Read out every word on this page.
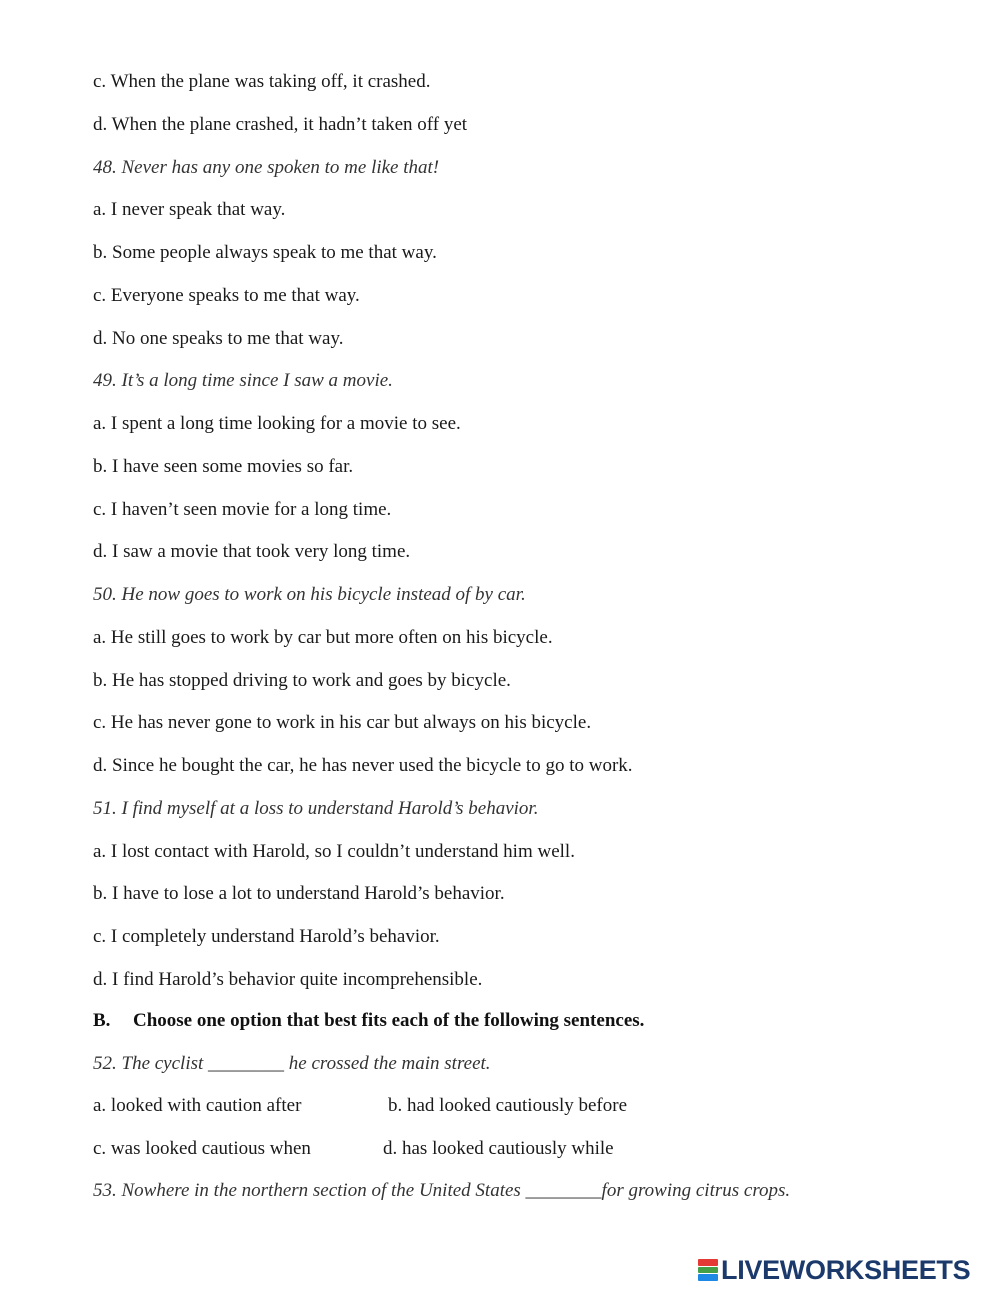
c. When the plane was taking off, it crashed.
d. When the plane crashed, it hadn’t taken off yet
48. Never has any one spoken to me like that!
a. I never speak that way.
b. Some people always speak to me that way.
c. Everyone speaks to me that way.
d. No one speaks to me that way.
49. It’s a long time since I saw a movie.
a. I spent a long time looking for a movie to see.
b. I have seen some movies so far.
c. I haven’t seen movie for a long time.
d. I saw a movie that took very long time.
50. He now goes to work on his bicycle instead of by car.
a. He still goes to work by car but more often on his bicycle.
b. He has stopped driving to work and goes by bicycle.
c. He has never gone to work in his car but always on his bicycle.
d. Since he bought the car, he has never used the bicycle to go to work.
51. I find myself at a loss to understand Harold’s behavior.
a. I lost contact with Harold, so I couldn’t understand him well.
b. I have to lose a lot to understand Harold’s behavior.
c. I completely understand Harold’s behavior.
d. I find Harold’s behavior quite incomprehensible.
B. Choose one option that best fits each of the following sentences.
52. The cyclist ________ he crossed the main street.
a. looked with caution after	b. had looked cautiously before
c. was looked cautious when	d. has looked cautiously while
53. Nowhere in the northern section of the United States ________for growing citrus crops.
LIVEWORKSHEETS
